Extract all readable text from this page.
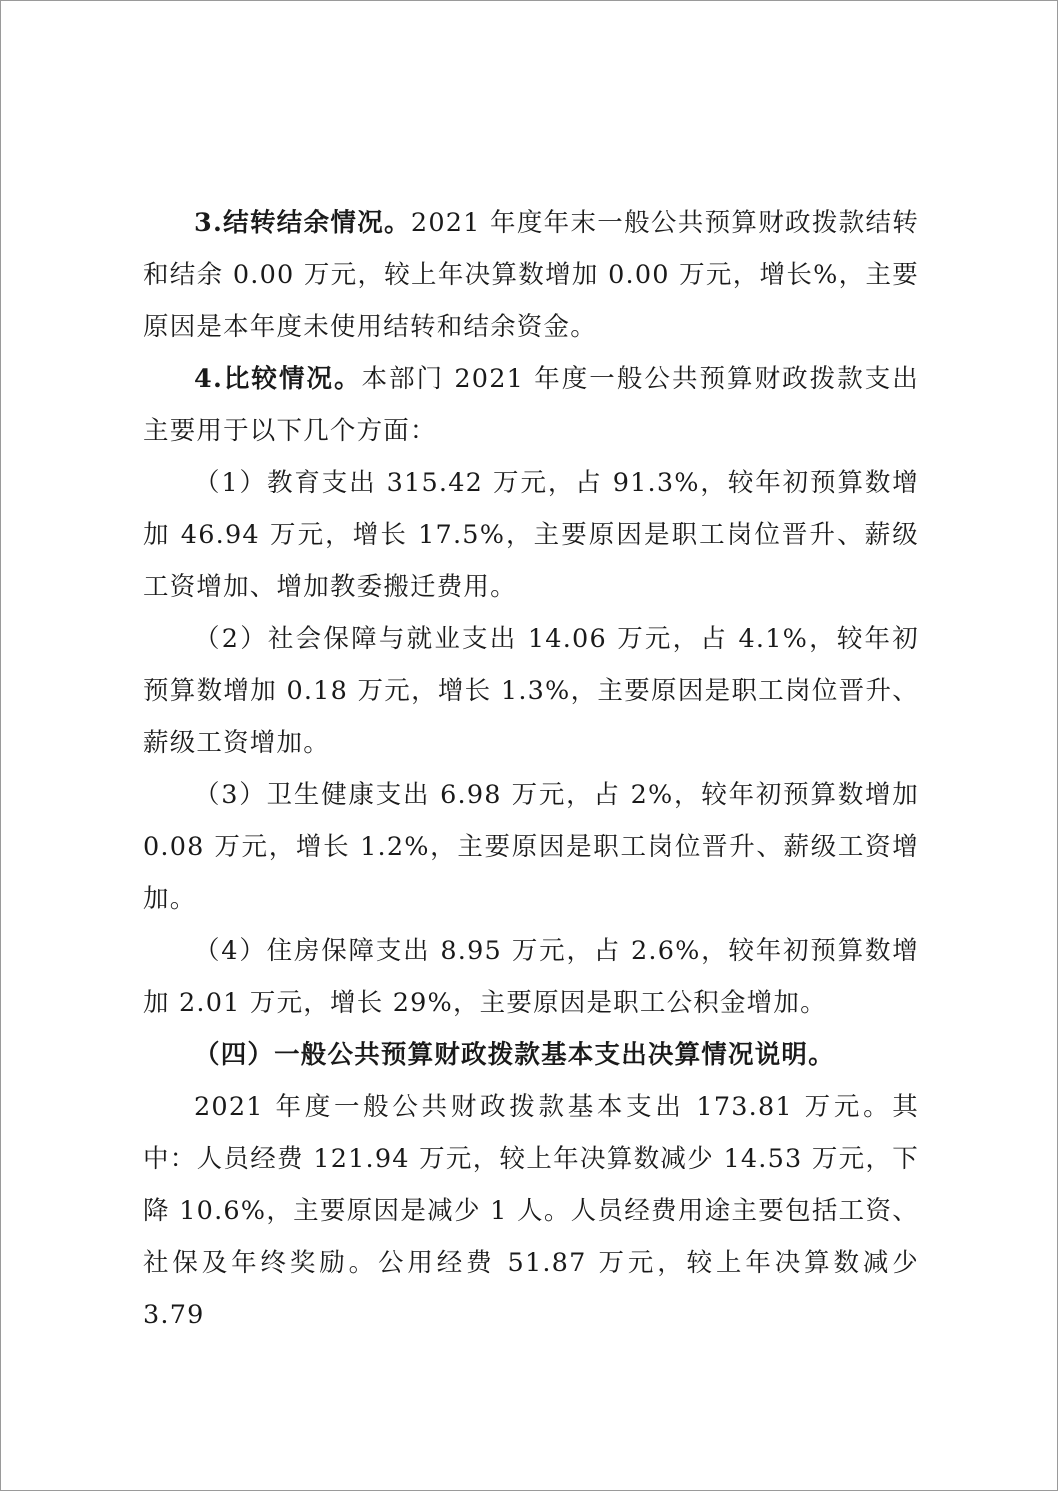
3.结转结余情况。2021 年度年末一般公共预算财政拨款结转和结余 0.00 万元，较上年决算数增加 0.00 万元，增长%，主要原因是本年度未使用结转和结余资金。

4.比较情况。本部门 2021 年度一般公共预算财政拨款支出主要用于以下几个方面：

（1）教育支出 315.42 万元，占 91.3%，较年初预算数增加 46.94 万元，增长 17.5%，主要原因是职工岗位晋升、薪级工资增加、增加教委搬迁费用。

（2）社会保障与就业支出 14.06 万元，占 4.1%，较年初预算数增加 0.18 万元，增长 1.3%，主要原因是职工岗位晋升、薪级工资增加。

（3）卫生健康支出 6.98 万元，占 2%，较年初预算数增加 0.08 万元，增长 1.2%，主要原因是职工岗位晋升、薪级工资增加。

（4）住房保障支出 8.95 万元，占 2.6%，较年初预算数增加 2.01 万元，增长 29%，主要原因是职工公积金增加。

（四）一般公共预算财政拨款基本支出决算情况说明。

2021 年度一般公共财政拨款基本支出 173.81 万元。其中：人员经费 121.94 万元，较上年决算数减少 14.53 万元，下降 10.6%，主要原因是减少 1 人。人员经费用途主要包括工资、社保及年终奖励。公用经费 51.87 万元，较上年决算数减少 3.79
